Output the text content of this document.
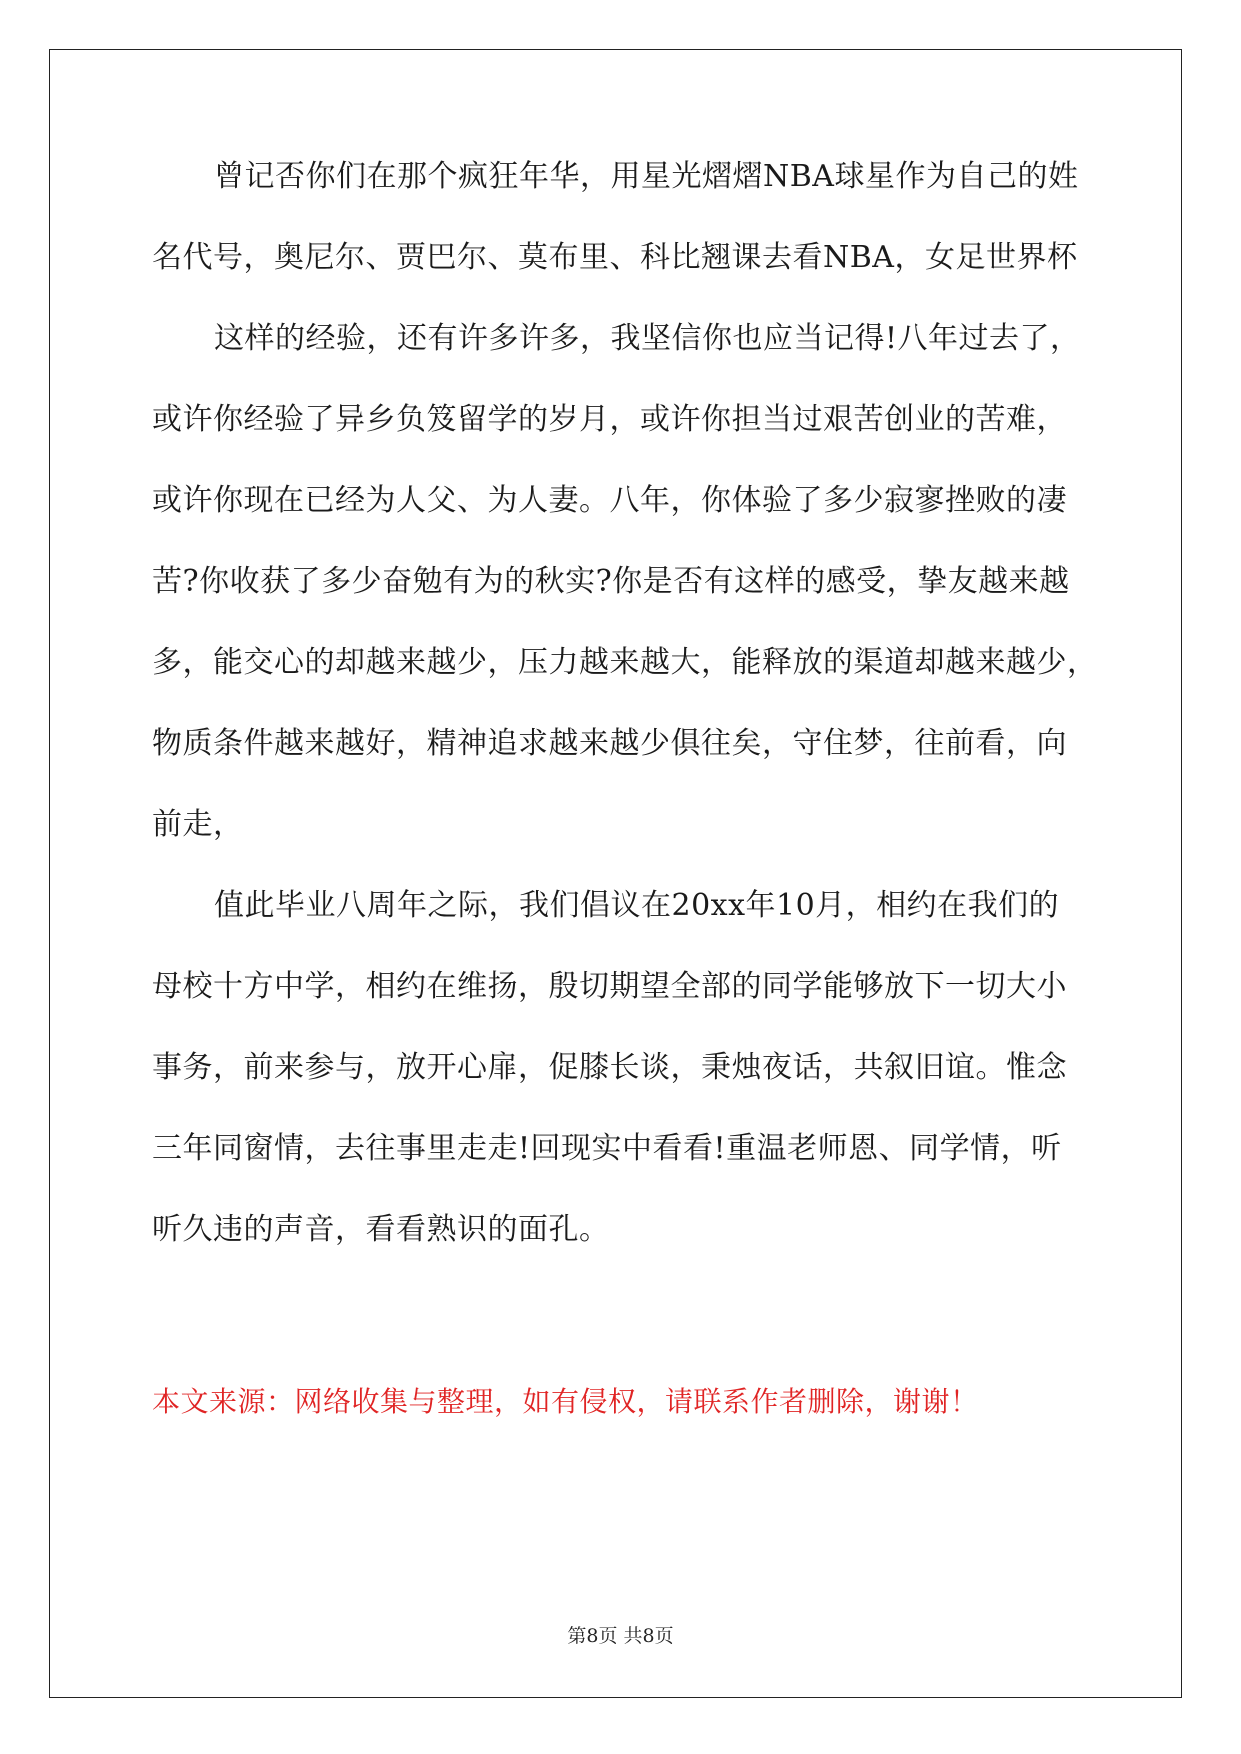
曾记否你们在那个疯狂年华，用星光熠熠NBA球星作为自己的姓
名代号，奥尼尔、贾巴尔、莫布里、科比翘课去看NBA，女足世界杯
这样的经验，还有许多许多，我坚信你也应当记得!八年过去了，
或许你经验了异乡负笈留学的岁月，或许你担当过艰苦创业的苦难，
或许你现在已经为人父、为人妻。八年，你体验了多少寂寥挫败的凄
苦?你收获了多少奋勉有为的秋实?你是否有这样的感受，挚友越来越
多，能交心的却越来越少，压力越来越大，能释放的渠道却越来越少，
物质条件越来越好，精神追求越来越少俱往矣，守住梦，往前看，向
前走，
值此毕业八周年之际，我们倡议在20xx年10月，相约在我们的
母校十方中学，相约在维扬，殷切期望全部的同学能够放下一切大小
事务，前来参与，放开心扉，促膝长谈，秉烛夜话，共叙旧谊。惟念
三年同窗情，去往事里走走!回现实中看看!重温老师恩、同学情，听
听久违的声音，看看熟识的面孔。
本文来源：网络收集与整理，如有侵权，请联系作者删除，谢谢！
第8页 共8页
